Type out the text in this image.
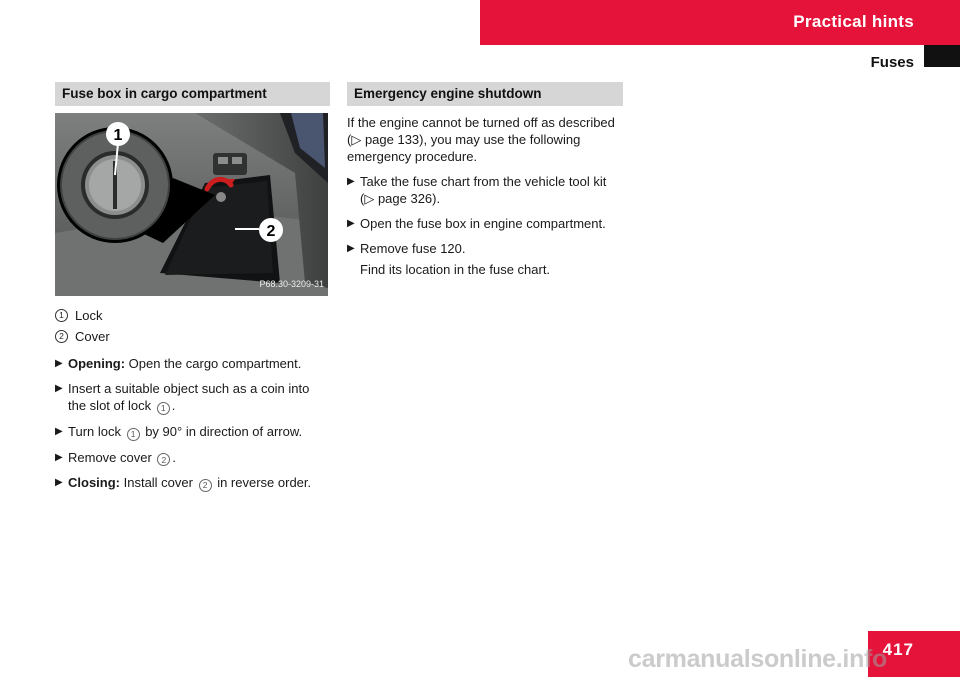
Practical hints
Fuses
Fuse box in cargo compartment
1
2
P68.30-3209-31
1 Lock
2 Cover
▶ Opening: Open the cargo compartment.
▶ Insert a suitable object such as a coin into the slot of lock 1 .
▶ Turn lock 1 by 90° in direction of arrow.
▶ Remove cover 2 .
▶ Closing: Install cover 2 in reverse order.
Emergency engine shutdown

If the engine cannot be turned off as described (▷ page 133), you may use the following emergency procedure.

▶ Take the fuse chart from the vehicle tool kit (▷ page 326).
▶ Open the fuse box in engine compartment.
▶ Remove fuse 120.
Find its location in the fuse chart.
417
carmanualsonline.info
